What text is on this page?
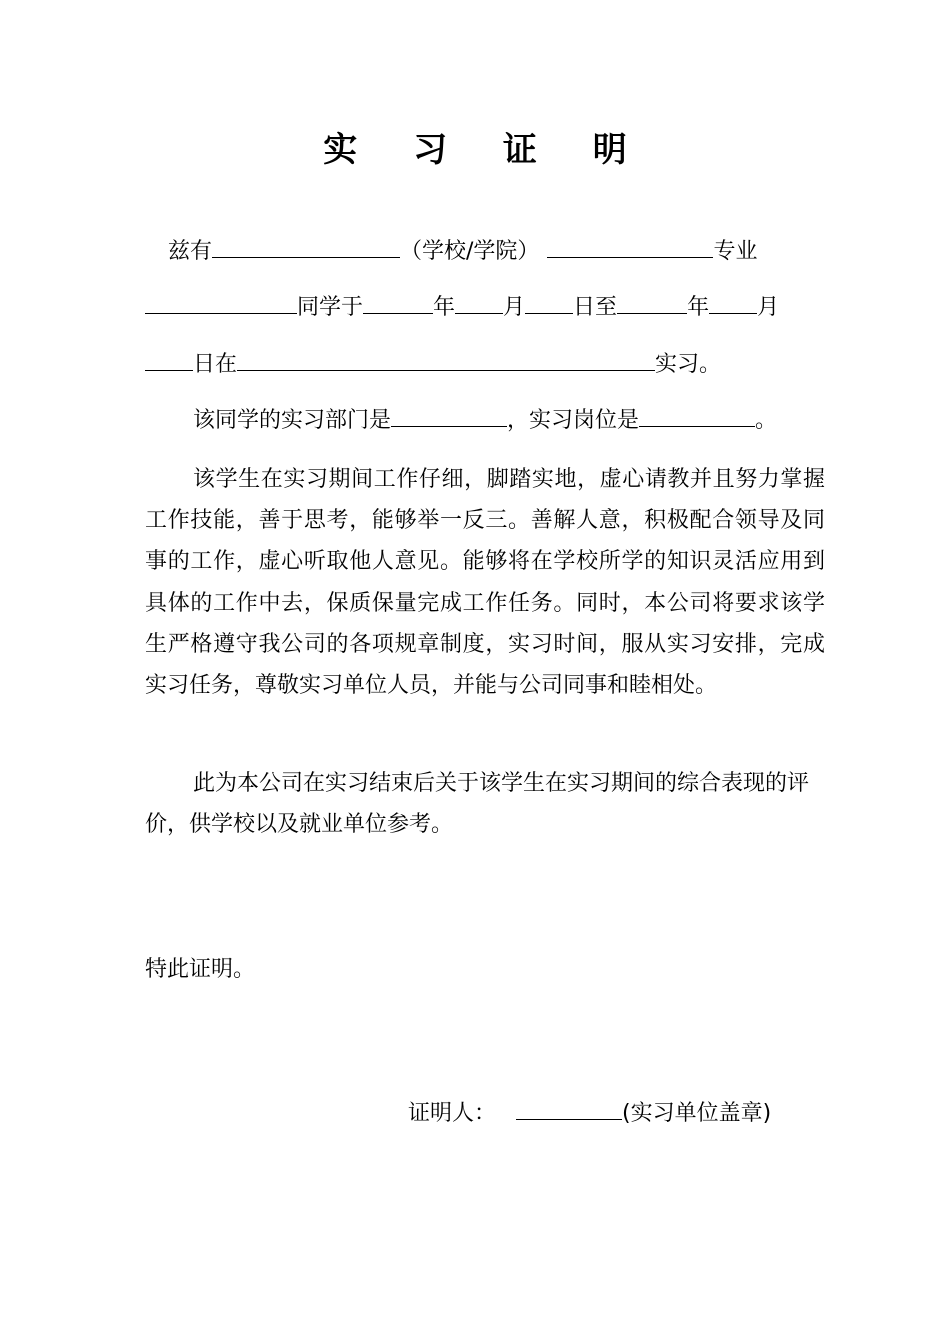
实 习 证 明
兹有	（学校/学院）	专业
同学于	年 月 日至	年 月
日在	实习。
该同学的实习部门是	，实习岗位是	。

该学生在实习期间工作仔细，脚踏实地，虚心请教并且努力掌握工作技能，善于思考，能够举一反三。善解人意，积极配合领导及同事的工作，虚心听取他人意见。能够将在学校所学的知识灵活应用到具体的工作中去，保质保量完成工作任务。同时，本公司将要求该学生严格遵守我公司的各项规章制度，实习时间，服从实习安排，完成实习任务，尊敬实习单位人员，并能与公司同事和睦相处。

此为本公司在实习结束后关于该学生在实习期间的综合表现的评价，供学校以及就业单位参考。

特此证明。
证明人：	(实习单位盖章)
